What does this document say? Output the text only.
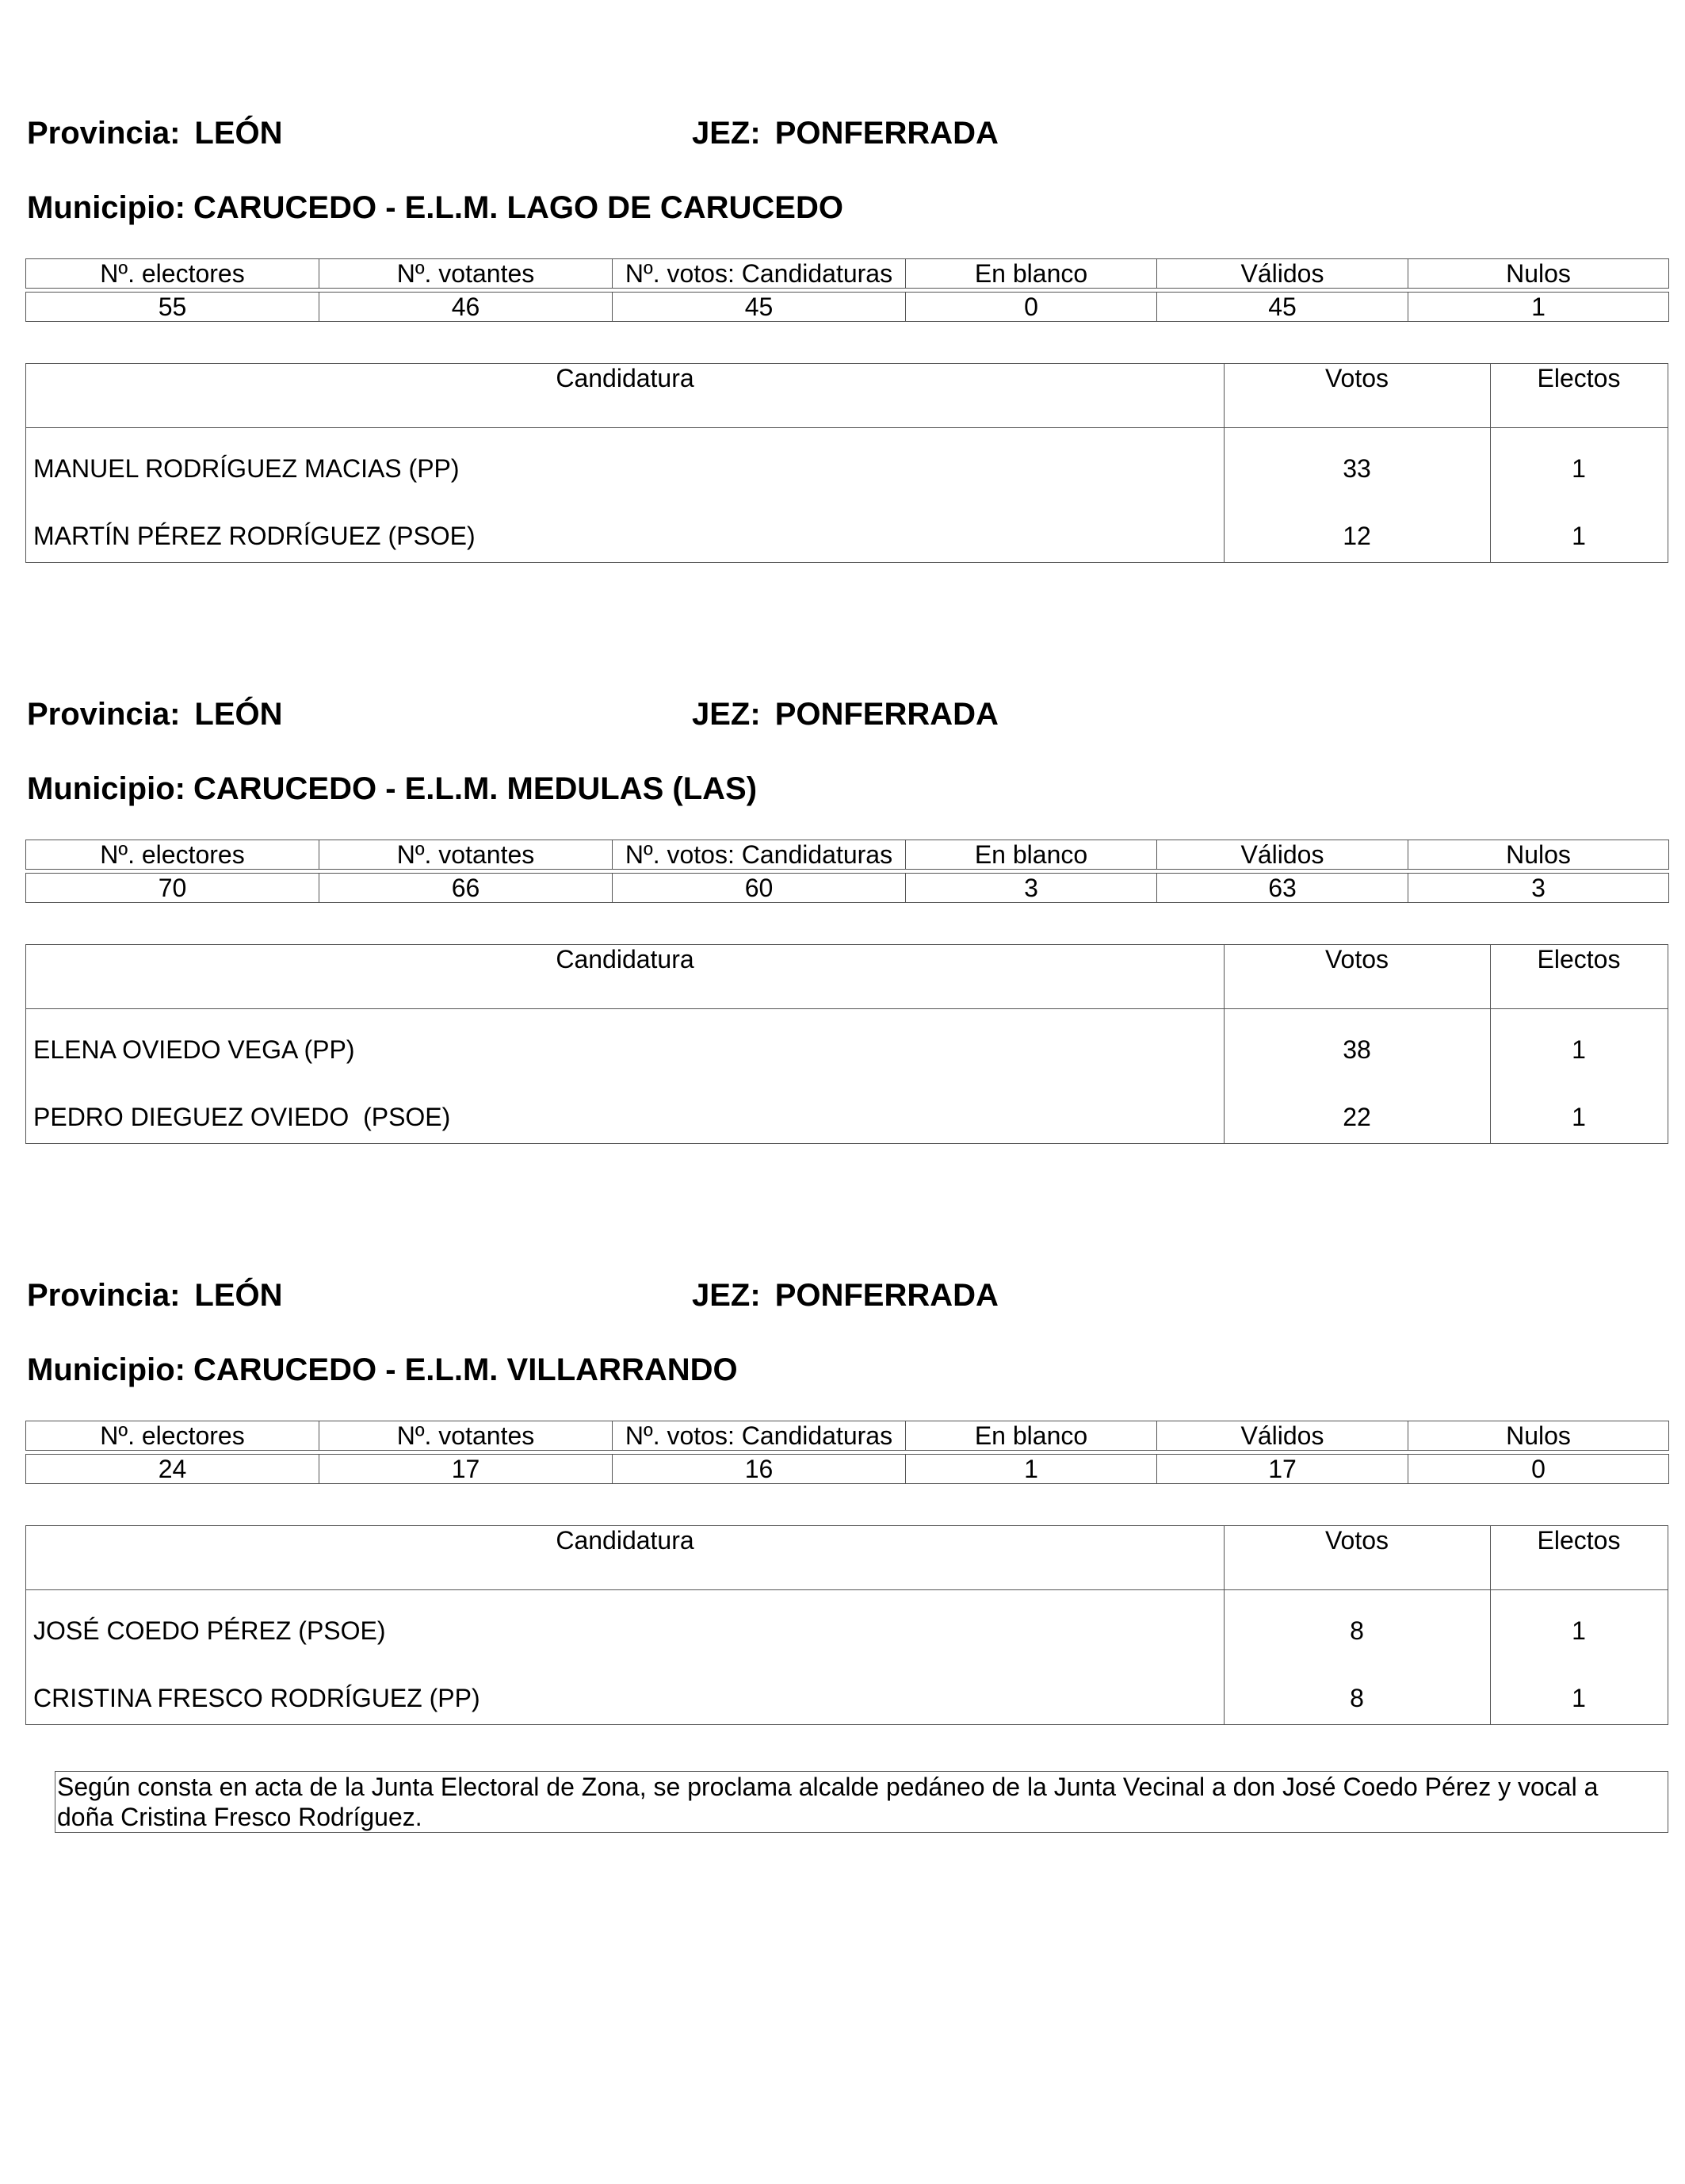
Provincia: LEÓN	JEZ: PONFERRADA
Municipio: CARUCEDO - E.L.M. LAGO DE CARUCEDO
Nº. electores	Nº. votantes	Nº. votos: Candidaturas	En blanco	Válidos	Nulos

55	46	45	0	45	1
Candidatura	Votos	Electos
MANUEL RODRÍGUEZ MACIAS (PP)	33	1
MARTÍN PÉREZ RODRÍGUEZ (PSOE)	12	1
Provincia: LEÓN	JEZ: PONFERRADA
Municipio: CARUCEDO - E.L.M. MEDULAS (LAS)
Nº. electores	Nº. votantes	Nº. votos: Candidaturas	En blanco	Válidos	Nulos

70	66	60	3	63	3
Candidatura	Votos	Electos
ELENA OVIEDO VEGA (PP)	38	1
PEDRO DIEGUEZ OVIEDO  (PSOE)	22	1
Provincia: LEÓN	JEZ: PONFERRADA
Municipio: CARUCEDO - E.L.M. VILLARRANDO
Nº. electores	Nº. votantes	Nº. votos: Candidaturas	En blanco	Válidos	Nulos

24	17	16	1	17	0
Candidatura	Votos	Electos
JOSÉ COEDO PÉREZ (PSOE)	8	1
CRISTINA FRESCO RODRÍGUEZ (PP)	8	1
Según consta en acta de la Junta Electoral de Zona, se proclama alcalde pedáneo de la Junta Vecinal a don José Coedo Pérez y vocal a doña Cristina Fresco Rodríguez.
